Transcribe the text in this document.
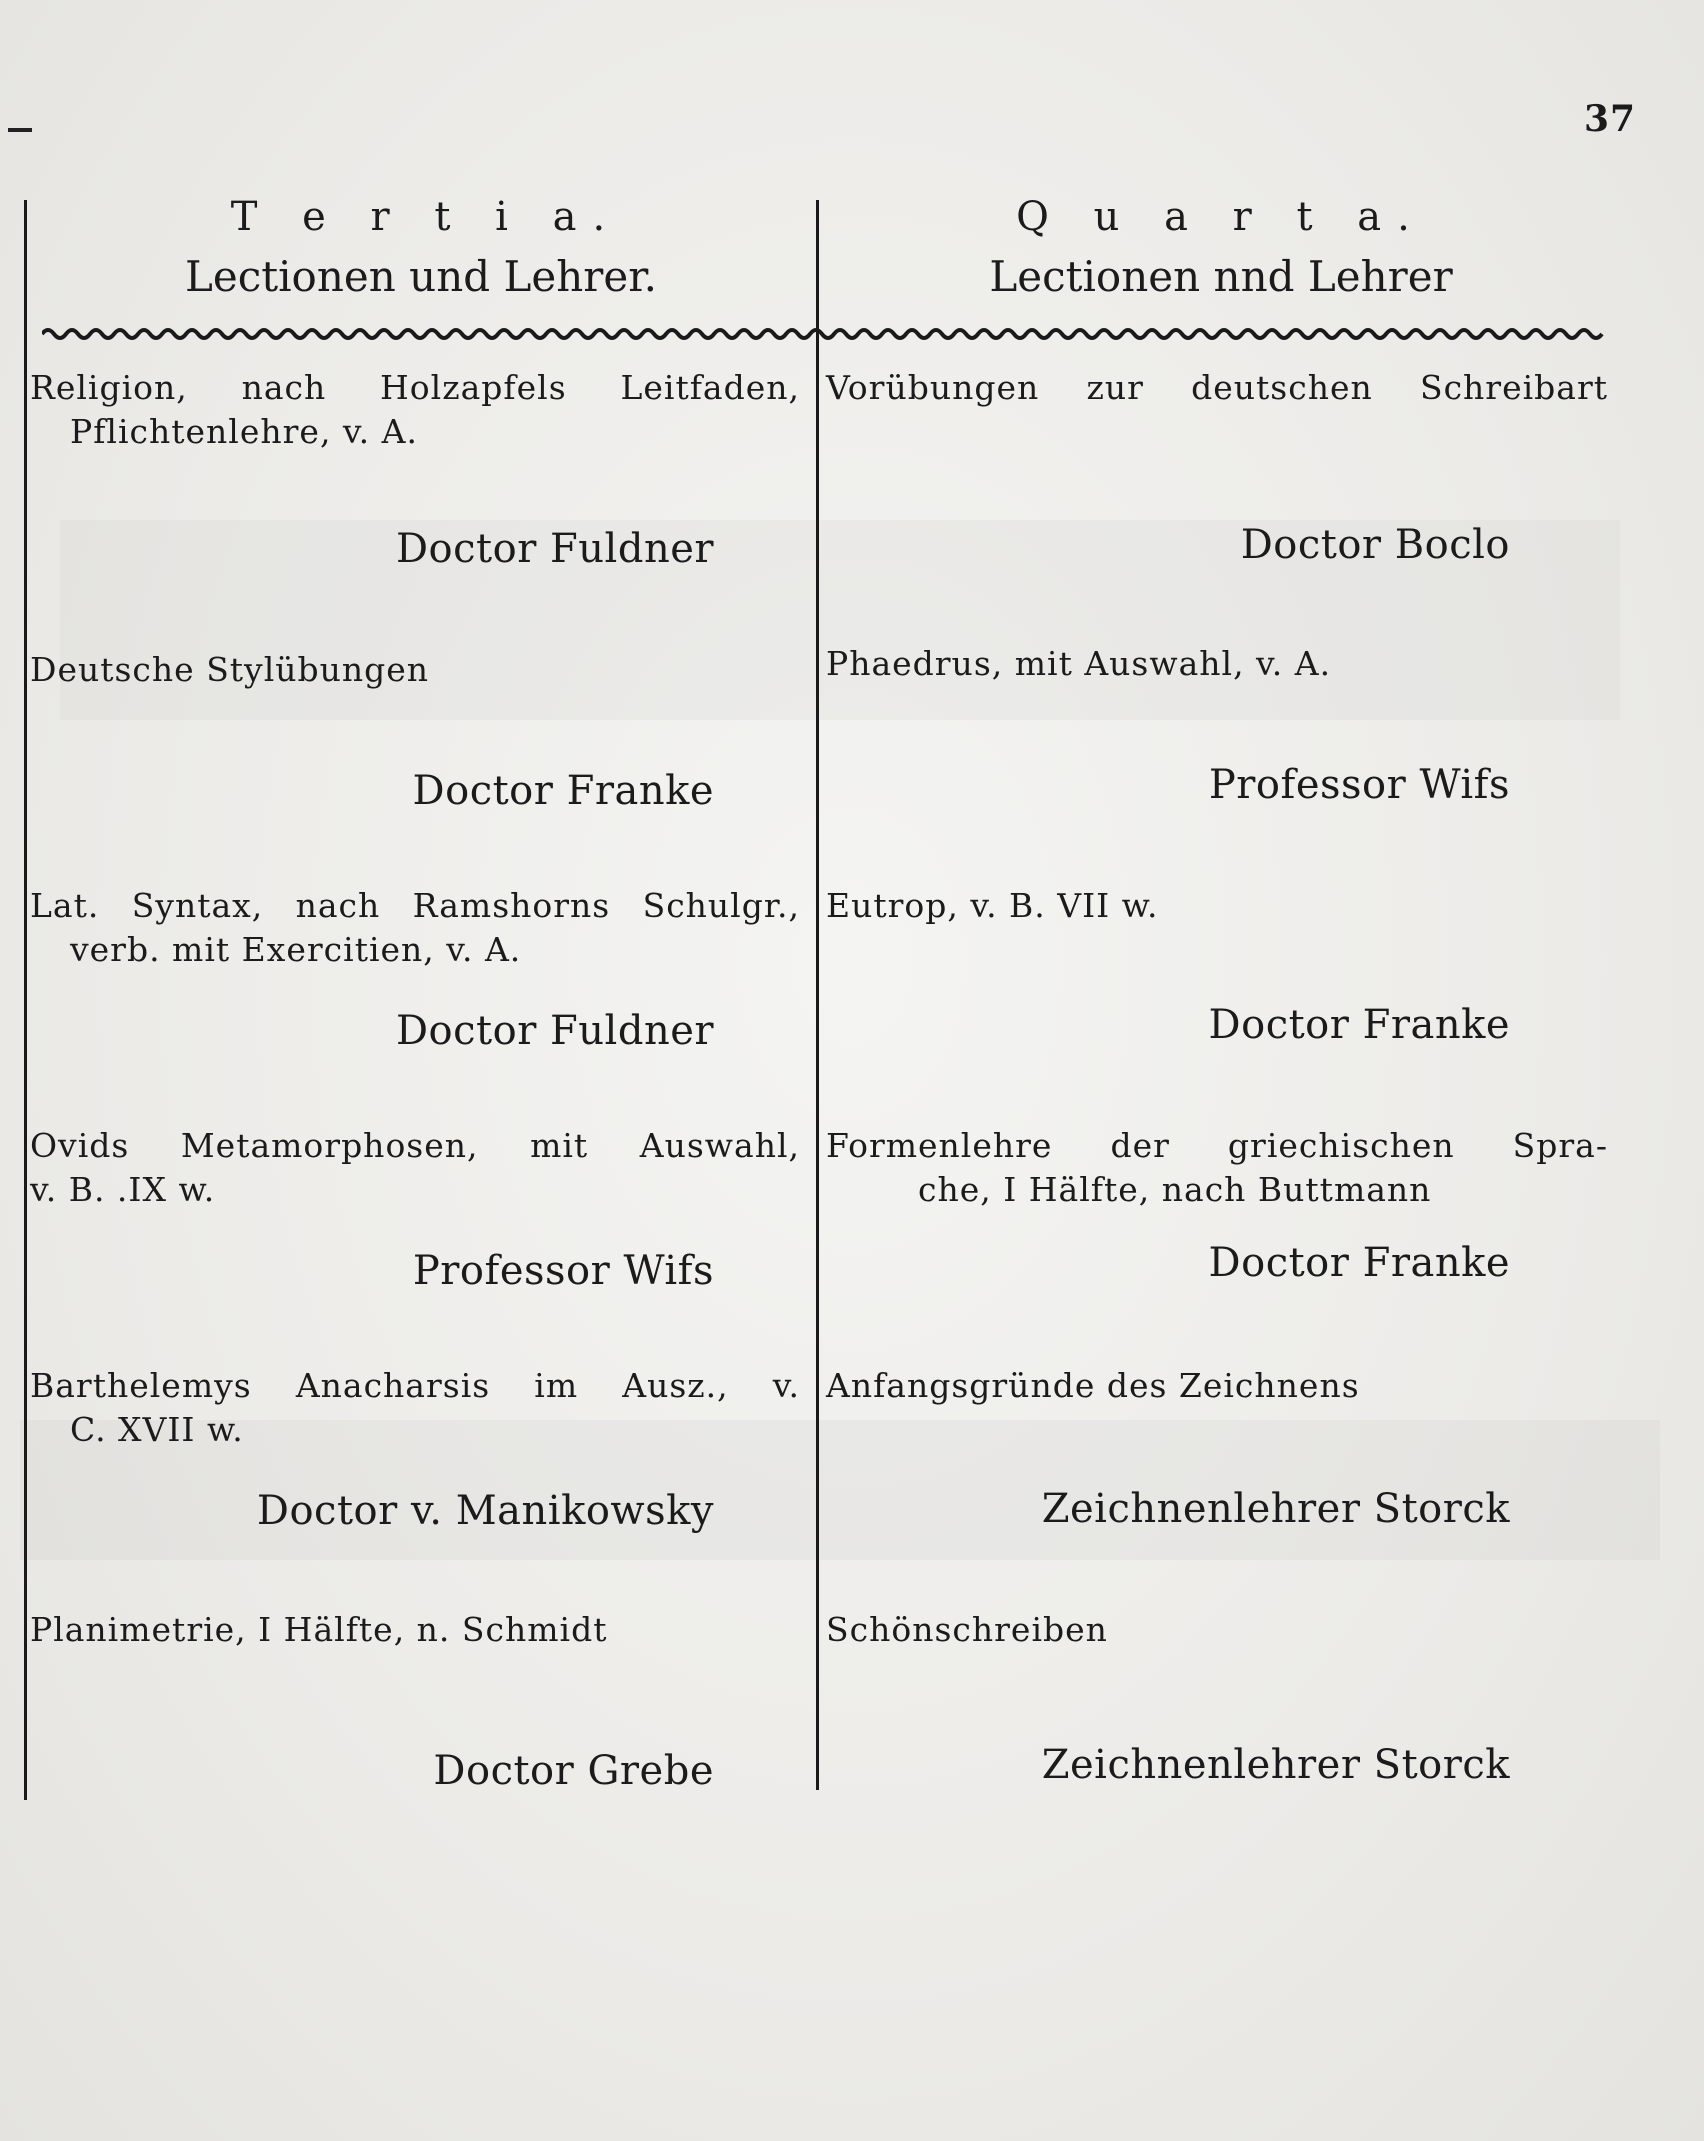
37
T e r t i a.
Lectionen und Lehrer.
Religion, nach Holzapfels Leitfaden,
Pflichtenlehre, v. A.
Doctor Fuldner
Deutsche Stylübungen
Doctor Franke
Lat. Syntax, nach Ramshorns Schulgr.,
verb. mit Exercitien, v. A.
Doctor Fuldner
Ovids Metamorphosen, mit Auswahl,
v. B. .IX w.
Professor Wifs
Barthelemys Anacharsis im Ausz., v.
C. XVII w.
Doctor v. Manikowsky
Planimetrie, I Hälfte, n. Schmidt
Doctor Grebe
Q u a r t a.
Lectionen nnd Lehrer
Vorübungen zur deutschen Schreibart
Doctor Boclo
Phaedrus, mit Auswahl, v. A.
Professor Wifs
Eutrop, v. B. VII w.
Doctor Franke
Formenlehre der griechischen Spra-
che, I Hälfte, nach Buttmann
Doctor Franke
Anfangsgründe des Zeichnens
Zeichnenlehrer Storck
Schönschreiben
Zeichnenlehrer Storck
